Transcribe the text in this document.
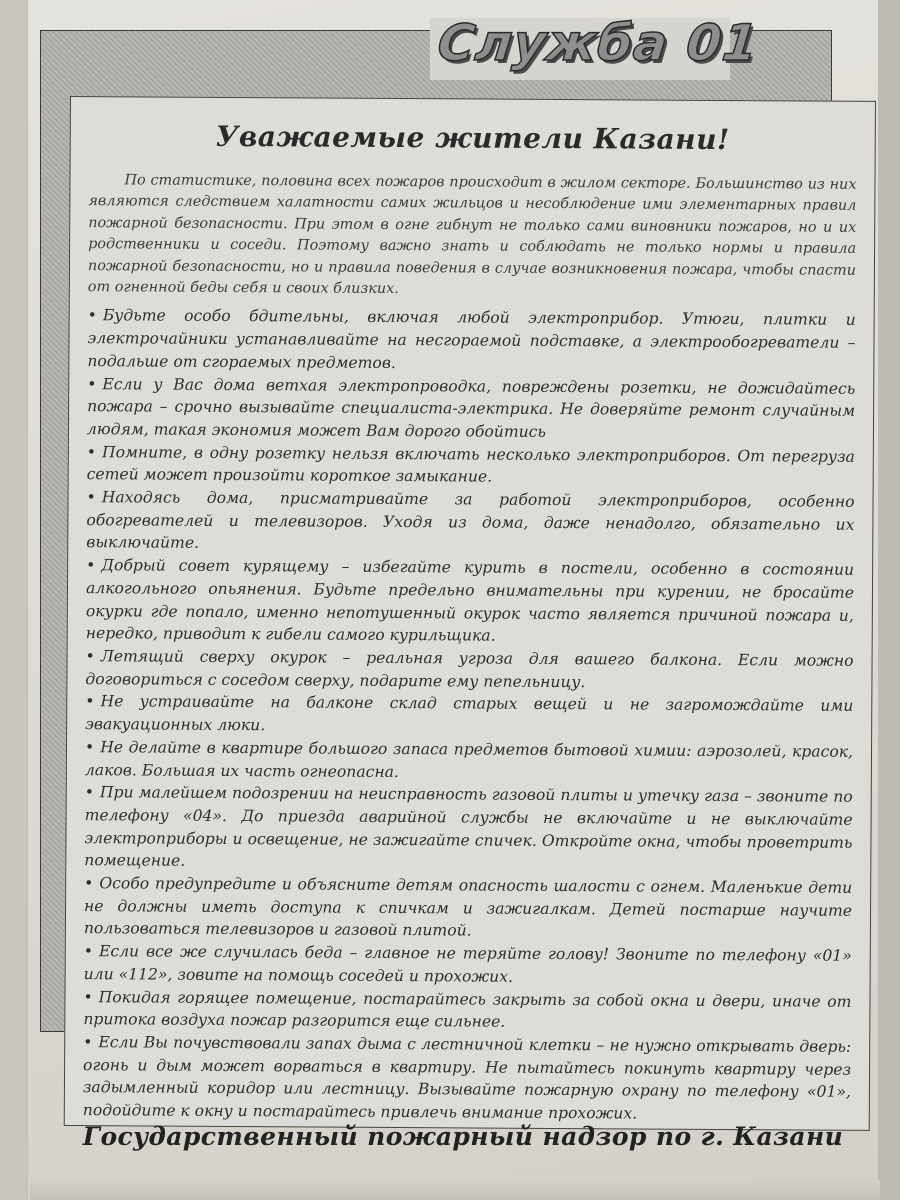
Служба 01
Уважаемые жители Казани!

По статистике, половина всех пожаров происходит в жилом секторе. Большинство из них являются следствием халатности самих жильцов и несоблюдение ими элементарных правил пожарной безопасности. При этом в огне гибнут не только сами виновники пожаров, но и их родственники и соседи. Поэтому важно знать и соблюдать не только нормы и правила пожарной безопасности, но и правила поведения в случае возникновения пожара, чтобы спасти от огненной беды себя и своих близких.

• Будьте особо бдительны, включая любой электроприбор. Утюги, плитки и электрочайники устанавливайте на несгораемой подставке, а электрообогреватели – подальше от сгораемых предметов.
• Если у Вас дома ветхая электропроводка, повреждены розетки, не дожидайтесь пожара – срочно вызывайте специалиста-электрика. Не доверяйте ремонт случайным людям, такая экономия может Вам дорого обойтись
• Помните, в одну розетку нельзя включать несколько электроприборов. От перегруза сетей может произойти короткое замыкание.
• Находясь дома, присматривайте за работой электроприборов, особенно обогревателей и телевизоров. Уходя из дома, даже ненадолго, обязательно их выключайте.
• Добрый совет курящему – избегайте курить в постели, особенно в состоянии алкогольного опьянения. Будьте предельно внимательны при курении, не бросайте окурки где попало, именно непотушенный окурок часто является причиной пожара и, нередко, приводит к гибели самого курильщика.
• Летящий сверху окурок – реальная угроза для вашего балкона. Если можно договориться с соседом сверху, подарите ему пепельницу.
• Не устраивайте на балконе склад старых вещей и не загромождайте ими эвакуационных люки.
• Не делайте в квартире большого запаса предметов бытовой химии: аэрозолей, красок, лаков. Большая их часть огнеопасна.
• При малейшем подозрении на неисправность газовой плиты и утечку газа – звоните по телефону «04». До приезда аварийной службы не включайте и не выключайте электроприборы и освещение, не зажигайте спичек. Откройте окна, чтобы проветрить помещение.
• Особо предупредите и объясните детям опасность шалости с огнем. Маленькие дети не должны иметь доступа к спичкам и зажигалкам. Детей постарше научите пользоваться телевизоров и газовой плитой.
• Если все же случилась беда – главное не теряйте голову! Звоните по телефону «01» или «112», зовите на помощь соседей и прохожих.
• Покидая горящее помещение, постарайтесь закрыть за собой окна и двери, иначе от притока воздуха пожар разгорится еще сильнее.
• Если Вы почувствовали запах дыма с лестничной клетки – не нужно открывать дверь: огонь и дым может ворваться в квартиру. Не пытайтесь покинуть квартиру через задымленный коридор или лестницу. Вызывайте пожарную охрану по телефону «01», подойдите к окну и постарайтесь привлечь внимание прохожих.
Государственный пожарный надзор по г. Казани
